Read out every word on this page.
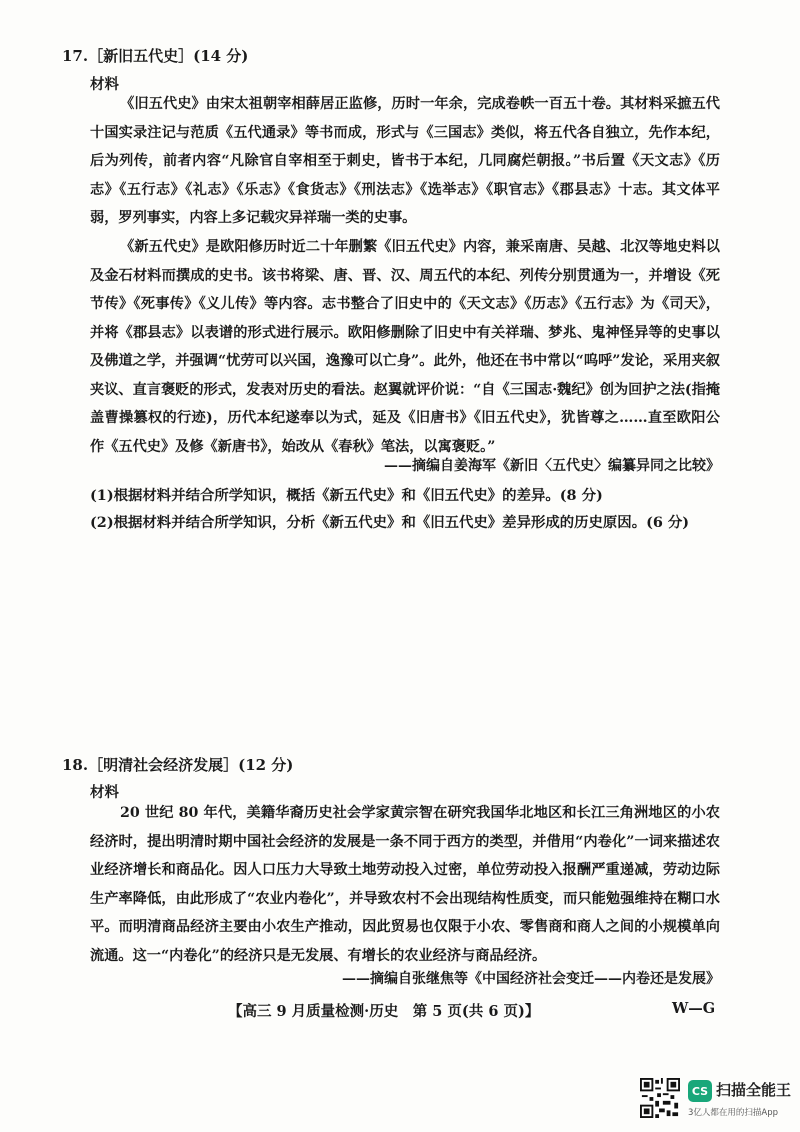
17.［新旧五代史］(14 分)
材料
《旧五代史》由宋太祖朝宰相薛居正监修，历时一年余，完成卷帙一百五十卷。其材料采摭五代十国实录注记与范质《五代通录》等书而成，形式与《三国志》类似，将五代各自独立，先作本纪，后为列传，前者内容“凡除官自宰相至于刺史，皆书于本纪，几同腐烂朝报。”书后置《天文志》《历志》《五行志》《礼志》《乐志》《食货志》《刑法志》《选举志》《职官志》《郡县志》十志。其文体平弱，罗列事实，内容上多记载灾异祥瑞一类的史事。
《新五代史》是欧阳修历时近二十年删繁《旧五代史》内容，兼采南唐、吴越、北汉等地史料以及金石材料而撰成的史书。该书将梁、唐、晋、汉、周五代的本纪、列传分别贯通为一，并增设《死节传》《死事传》《义儿传》等内容。志书整合了旧史中的《天文志》《历志》《五行志》为《司天》，并将《郡县志》以表谱的形式进行展示。欧阳修删除了旧史中有关祥瑞、梦兆、鬼神怪异等的史事以及佛道之学，并强调“忧劳可以兴国，逸豫可以亡身”。此外，他还在书中常以“呜呼”发论，采用夹叙夹议、直言褒贬的形式，发表对历史的看法。赵翼就评价说：“自《三国志·魏纪》创为回护之法(指掩盖曹操篡权的行迹)，历代本纪遂奉以为式，延及《旧唐书》《旧五代史》，犹皆尊之……直至欧阳公作《五代史》及修《新唐书》，始改从《春秋》笔法，以寓褒贬。”
——摘编自姜海军《新旧〈五代史〉编纂异同之比较》
(1)根据材料并结合所学知识，概括《新五代史》和《旧五代史》的差异。(8 分)
(2)根据材料并结合所学知识，分析《新五代史》和《旧五代史》差异形成的历史原因。(6 分)
18.［明清社会经济发展］(12 分)
材料
20 世纪 80 年代，美籍华裔历史社会学家黄宗智在研究我国华北地区和长江三角洲地区的小农经济时，提出明清时期中国社会经济的发展是一条不同于西方的类型，并借用“内卷化”一词来描述农业经济增长和商品化。因人口压力大导致土地劳动投入过密，单位劳动投入报酬严重递减，劳动边际生产率降低，由此形成了“农业内卷化”，并导致农村不会出现结构性质变，而只能勉强维持在糊口水平。而明清商品经济主要由小农生产推动，因此贸易也仅限于小农、零售商和商人之间的小规模单向流通。这一“内卷化”的经济只是无发展、有增长的农业经济与商品经济。
——摘编自张继焦等《中国经济社会变迁——内卷还是发展》
【高三 9 月质量检测·历史　第 5 页(共 6 页)】	W—G
CS 扫描全能王
3亿人都在用的扫描App
